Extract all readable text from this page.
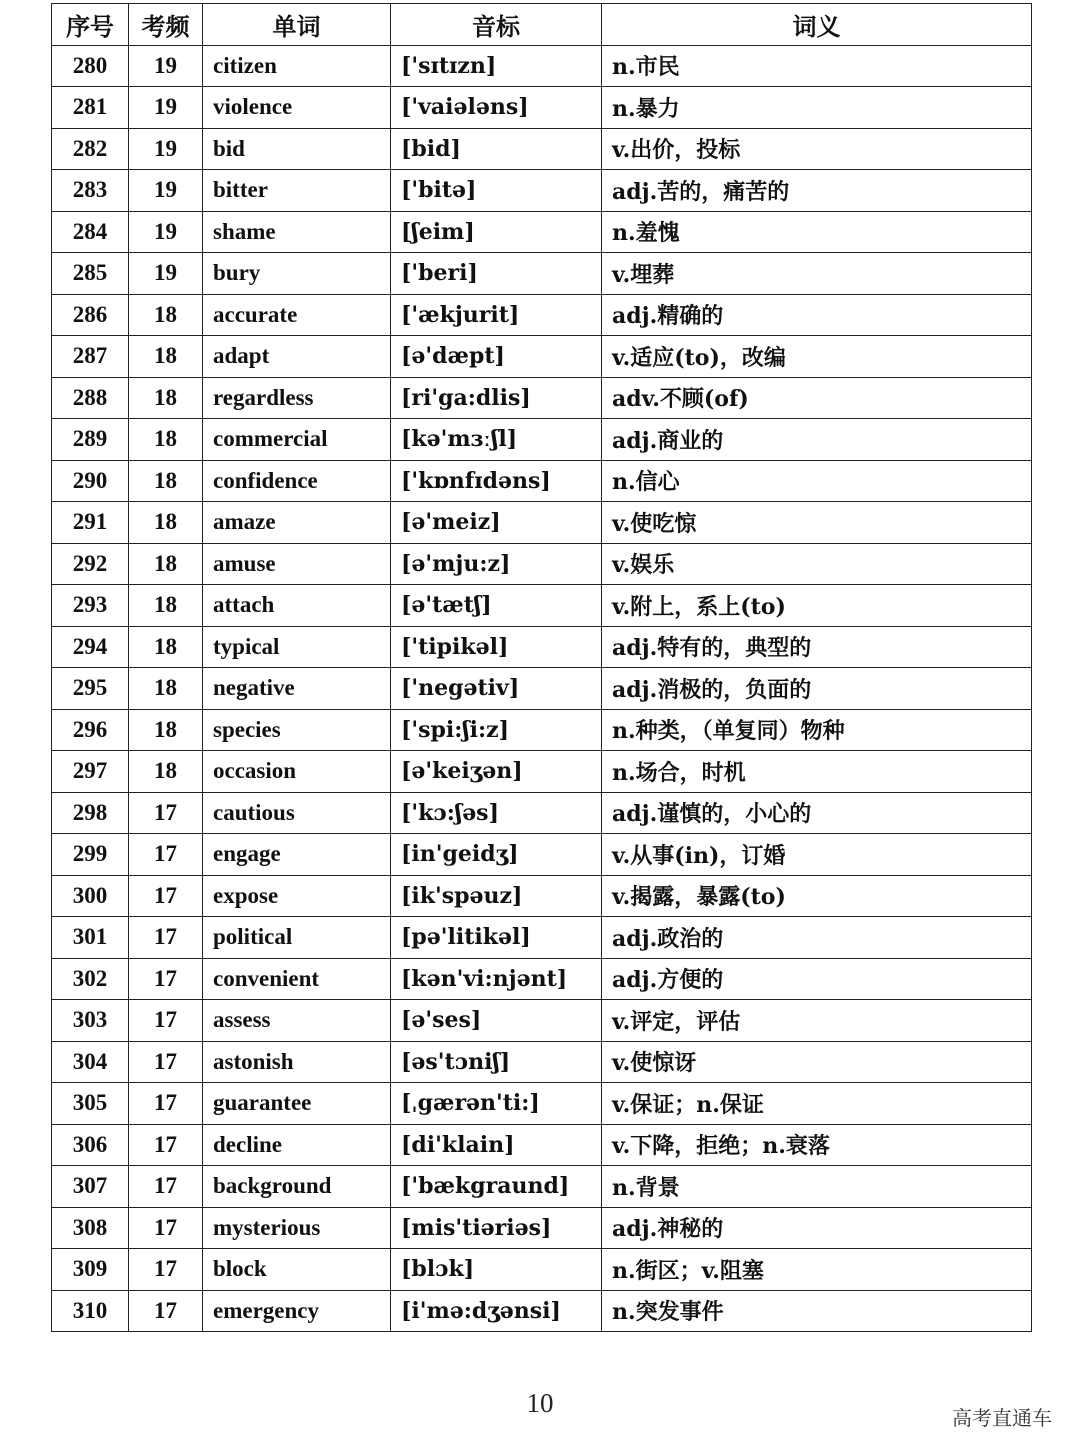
序号	考频	单词	音标	词义
280	19	citizen	['sɪtɪzn]	n.市民
281	19	violence	['vaiələns]	n.暴力
282	19	bid	[bid]	v.出价，投标
283	19	bitter	['bitə]	adj.苦的，痛苦的
284	19	shame	[ʃeim]	n.羞愧
285	19	bury	['beri]	v.埋葬
286	18	accurate	['ækjurit]	adj.精确的
287	18	adapt	[ə'dæpt]	v.适应(to)，改编
288	18	regardless	[ri'ga:dlis]	adv.不顾(of)
289	18	commercial	[kə'mɜːʃl]	adj.商业的
290	18	confidence	['kɒnfɪdəns]	n.信心
291	18	amaze	[ə'meiz]	v.使吃惊
292	18	amuse	[ə'mju:z]	v.娱乐
293	18	attach	[ə'tætʃ]	v.附上，系上(to)
294	18	typical	['tipikəl]	adj.特有的，典型的
295	18	negative	['negətiv]	adj.消极的，负面的
296	18	species	['spi:ʃi:z]	n.种类，（单复同）物种
297	18	occasion	[ə'keiʒən]	n.场合，时机
298	17	cautious	['kɔ:ʃəs]	adj.谨慎的，小心的
299	17	engage	[in'geidʒ]	v.从事(in)，订婚
300	17	expose	[ik'spəuz]	v.揭露，暴露(to)
301	17	political	[pə'litikəl]	adj.政治的
302	17	convenient	[kən'vi:njənt]	adj.方便的
303	17	assess	[ə'ses]	v.评定，评估
304	17	astonish	[əs'tɔniʃ]	v.使惊讶
305	17	guarantee	[ˌgærən'ti:]	v.保证；n.保证
306	17	decline	[di'klain]	v.下降，拒绝；n.衰落
307	17	background	['bækgraund]	n.背景
308	17	mysterious	[mis'tiəriəs]	adj.神秘的
309	17	block	[blɔk]	n.街区；v.阻塞
310	17	emergency	[i'mə:dʒənsi]	n.突发事件
10	高考直通车
